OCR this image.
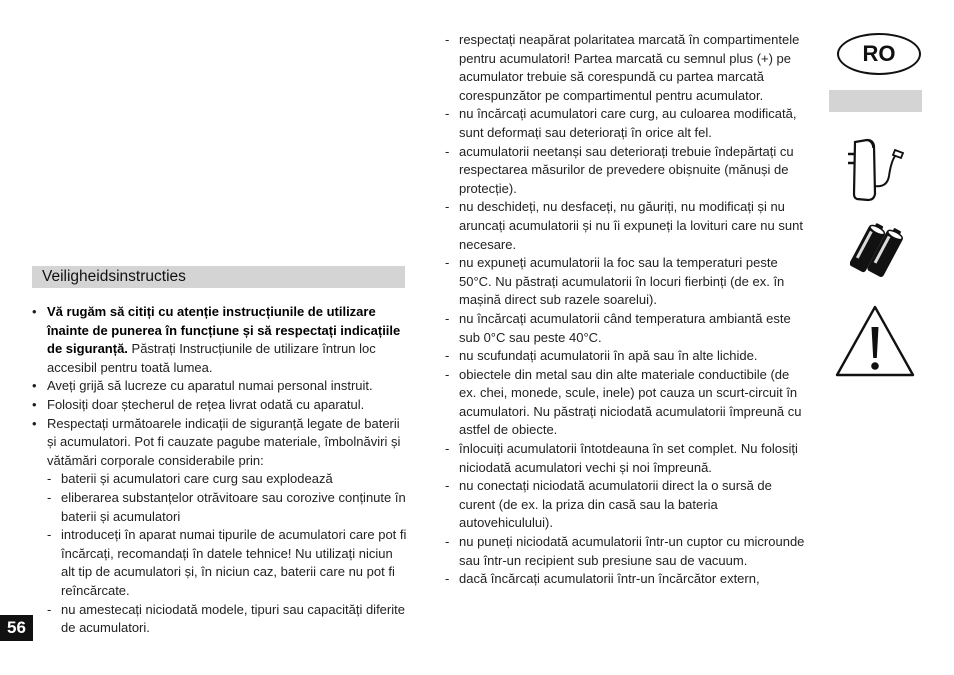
Veiligheidsinstructies
• Vă rugăm să citiți cu atenție instrucțiunile de utilizare înainte de punerea în funcțiune și să respectați indicațiile de siguranță. Păstrați Instrucțiunile de utilizare întrun loc accesibil pentru toată lumea.
• Aveți grijă să lucreze cu aparatul numai personal instruit.
• Folosiți doar ștecherul de rețea livrat odată cu aparatul.
• Respectați următoarele indicații de siguranță legate de baterii și acumulatori. Pot fi cauzate pagube materiale, îmbolnăviri și vătămări corporale considerabile prin:
- baterii și acumulatori care curg sau explodează
- eliberarea substanțelor otrăvitoare sau corozive conținute în baterii și acumulatori
- introduceți în aparat numai tipurile de acumulatori care pot fi încărcați, recomandați în datele tehnice! Nu utilizați niciun alt tip de acumulatori și, în niciun caz, baterii care nu pot fi reîncărcate.
- nu amestecați niciodată modele, tipuri sau capacități diferite de acumulatori.
- respectați neapărat polaritatea marcată în compartimentele pentru acumulatori! Partea marcată cu semnul plus (+) pe acumulator trebuie să corespundă cu partea marcată corespunzător pe compartimentul pentru acumulator.
- nu încărcați acumulatori care curg, au culoarea modificată, sunt deformați sau deteriorați în orice alt fel.
- acumulatorii neetanși sau deteriorați trebuie îndepărtați cu respectarea măsurilor de prevedere obișnuite (mănuși de protecție).
- nu deschideți, nu desfaceți, nu găuriți, nu modificați și nu aruncați acumulatorii și nu îi expuneți la lovituri care nu sunt necesare.
- nu expuneți acumulatorii la foc sau la temperaturi peste 50°C. Nu păstrați acumulatorii în locuri fierbinți (de ex. în mașină direct sub razele soarelui).
- nu încărcați acumulatorii când temperatura ambiantă este sub 0°C sau peste 40°C.
- nu scufundați acumulatorii în apă sau în alte lichide.
- obiectele din metal sau din alte materiale conductibile (de ex. chei, monede, scule, inele) pot cauza un scurt-circuit în acumulatori. Nu păstrați niciodată acumulatorii împreună cu astfel de obiecte.
- înlocuiți acumulatorii întotdeauna în set complet. Nu folosiți niciodată acumulatori vechi și noi împreună.
- nu conectați niciodată acumulatorii direct la o sursă de curent (de ex. la priza din casă sau la bateria autovehiculului).
- nu puneți niciodată acumulatorii într-un cuptor cu microunde sau într-un recipient sub presiune sau de vacuum.
- dacă încărcați acumulatorii într-un încărcător extern,
RO
56
